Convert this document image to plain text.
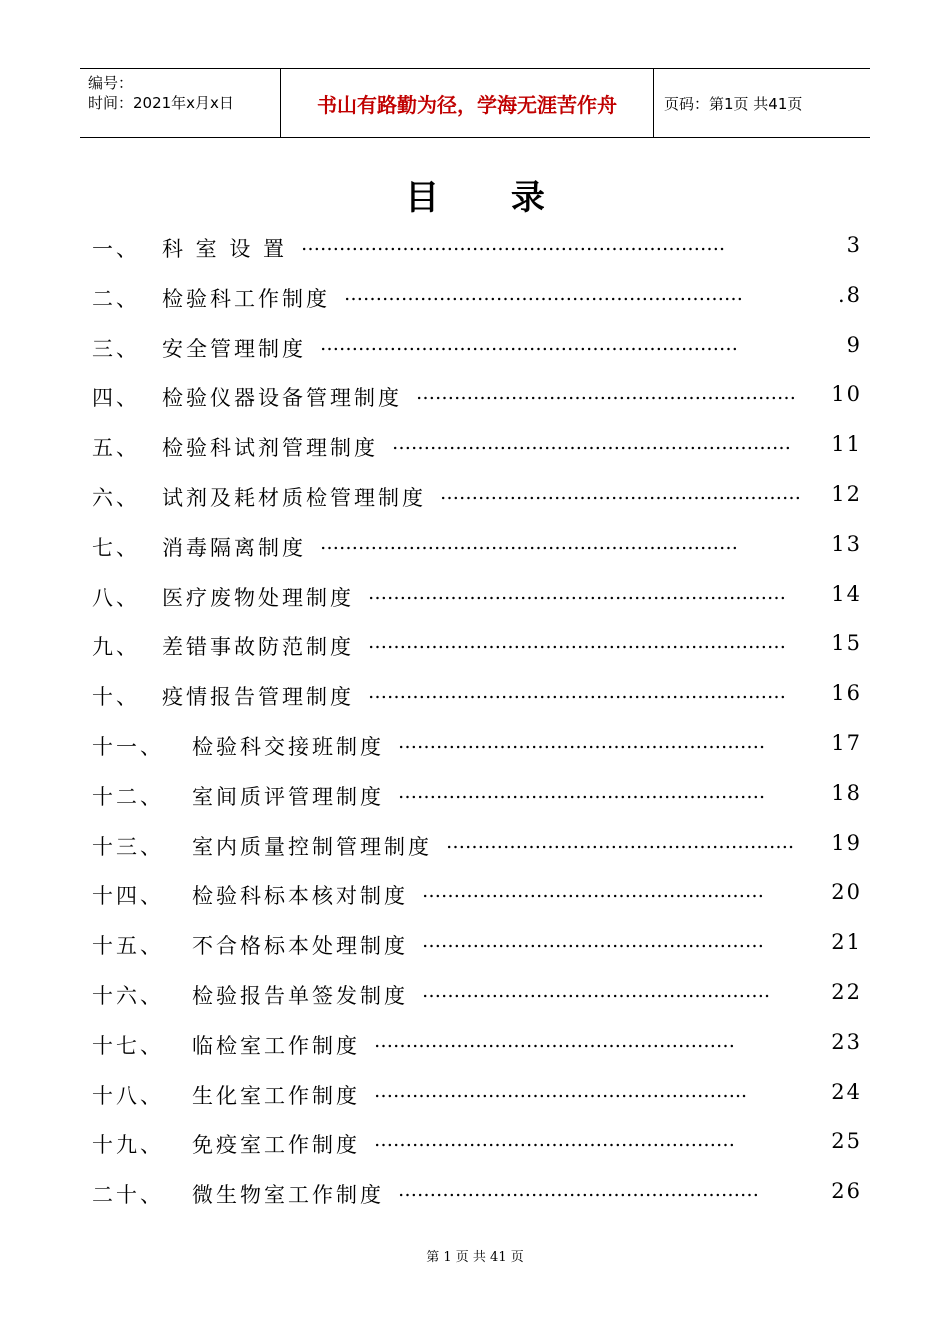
编号：
时间：2021年x月x日	书山有路勤为径，学海无涯苦作舟	页码：第1页 共41页
目 录
一、 科 室 设 置 ………………………………………………………….	3
二、 检验科工作制度 ………………………………………………………	.8
三、 安全管理制度 …………………………………………………………	9
四、 检验仪器设备管理制度 ……………………………………………………	10
五、 检验科试剂管理制度 ………………………………………………………	11
六、 试剂及耗材质检管理制度 …………………………………………………	12
七、 消毒隔离制度 …………………………………………………………	13
八、 医疗废物处理制度 …………………………………………………………	14
九、 差错事故防范制度 …………………………………………………………	15
十、 疫情报告管理制度 …………………………………………………………	16
十一、 检验科交接班制度 ………………………………………………….	17
十二、 室间质评管理制度 ………………………………………………….	18
十三、 室内质量控制管理制度 ……………………………………………….	19
十四、 检验科标本核对制度 ………………………………………………	20
十五、 不合格标本处理制度 ………………………………………………	21
十六、 检验报告单签发制度 ……………………………………………….	22
十七、 临检室工作制度 …………………………………………………	23
十八、 生化室工作制度 …………………………………………………..	24
十九、 免疫室工作制度 …………………………………………………	25
二十、 微生物室工作制度 …………………………………………………	26
第 1 页 共 41 页
